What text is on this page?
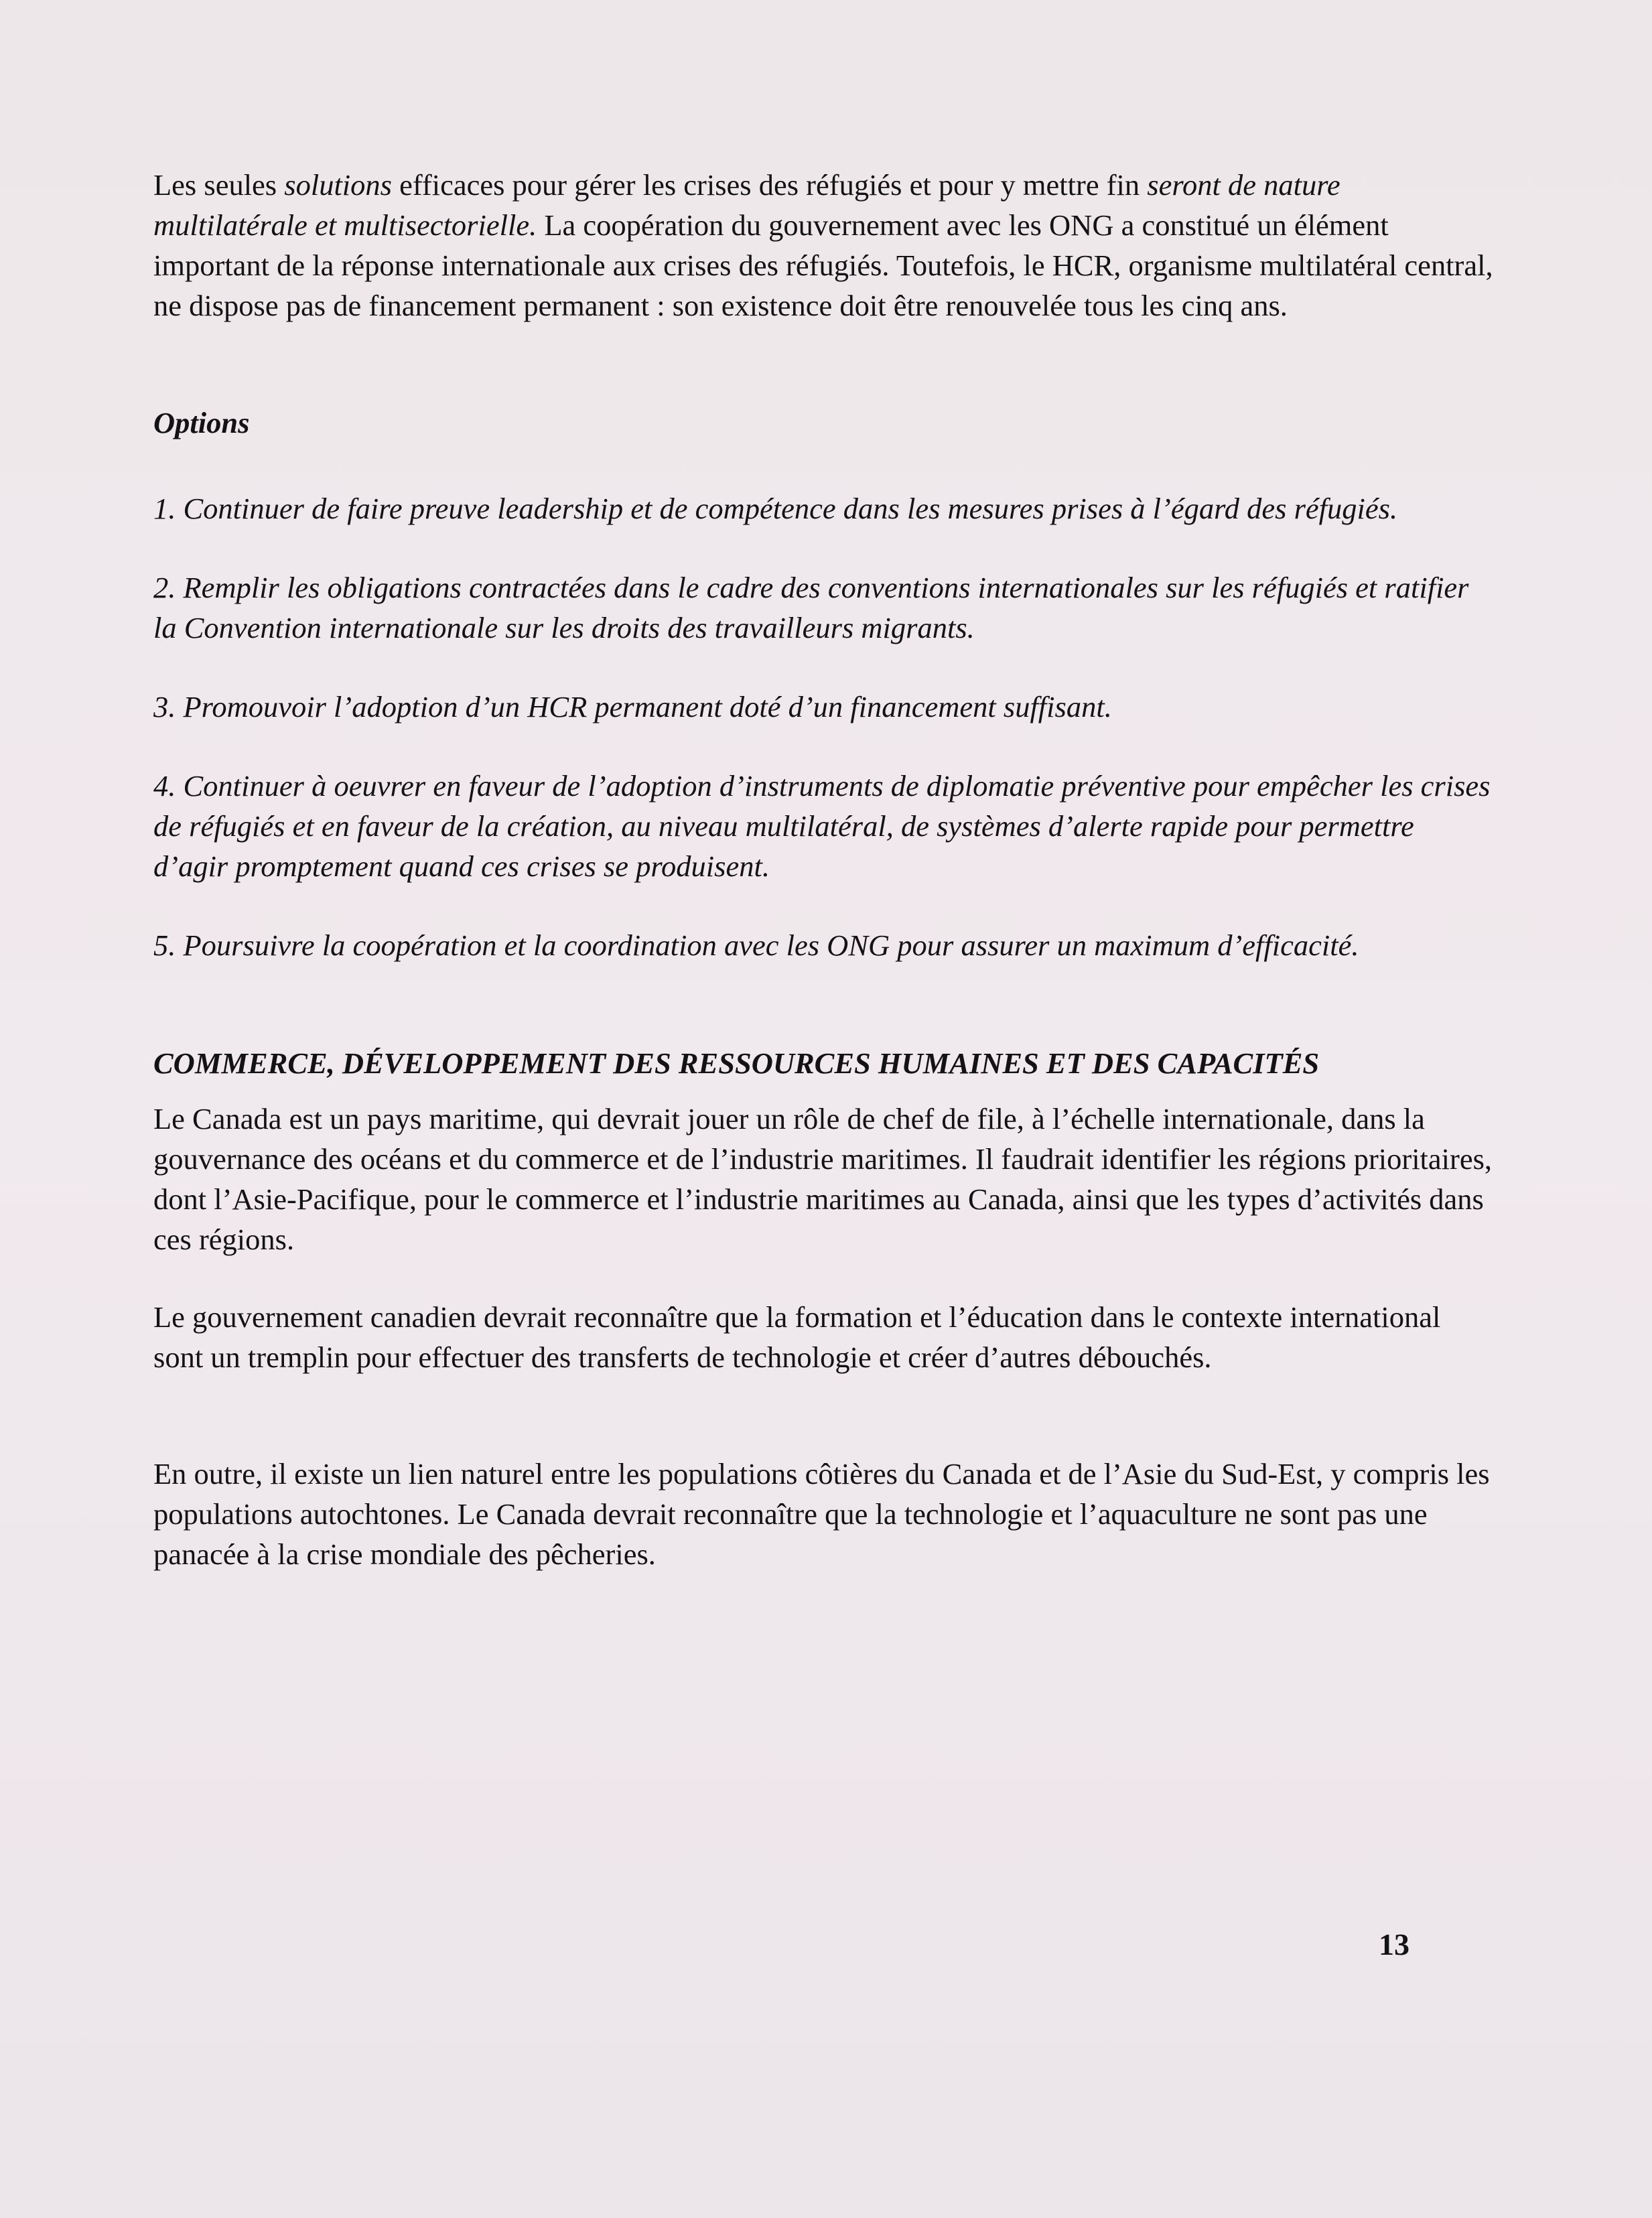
Les seules solutions efficaces pour gérer les crises des réfugiés et pour y mettre fin seront de nature multilatérale et multisectorielle. La coopération du gouvernement avec les ONG a constitué un élément important de la réponse internationale aux crises des réfugiés. Toutefois, le HCR, organisme multilatéral central, ne dispose pas de financement permanent : son existence doit être renouvelée tous les cinq ans.

Options

1. Continuer de faire preuve leadership et de compétence dans les mesures prises à l’égard des réfugiés.

2. Remplir les obligations contractées dans le cadre des conventions internationales sur les réfugiés et ratifier la Convention internationale sur les droits des travailleurs migrants.

3. Promouvoir l’adoption d’un HCR permanent doté d’un financement suffisant.

4. Continuer à oeuvrer en faveur de l’adoption d’instruments de diplomatie préventive pour empêcher les crises de réfugiés et en faveur de la création, au niveau multilatéral, de systèmes d’alerte rapide pour permettre d’agir promptement quand ces crises se produisent.

5. Poursuivre la coopération et la coordination avec les ONG pour assurer un maximum d’efficacité.

COMMERCE, DÉVELOPPEMENT DES RESSOURCES HUMAINES ET DES CAPACITÉS

Le Canada est un pays maritime, qui devrait jouer un rôle de chef de file, à l’échelle internationale, dans la gouvernance des océans et du commerce et de l’industrie maritimes. Il faudrait identifier les régions prioritaires, dont l’Asie-Pacifique, pour le commerce et l’industrie maritimes au Canada, ainsi que les types d’activités dans ces régions.

Le gouvernement canadien devrait reconnaître que la formation et l’éducation dans le contexte international sont un tremplin pour effectuer des transferts de technologie et créer d’autres débouchés.

En outre, il existe un lien naturel entre les populations côtières du Canada et de l’Asie du Sud-Est, y compris les populations autochtones. Le Canada devrait reconnaître que la technologie et l’aquaculture ne sont pas une panacée à la crise mondiale des pêcheries.

13
